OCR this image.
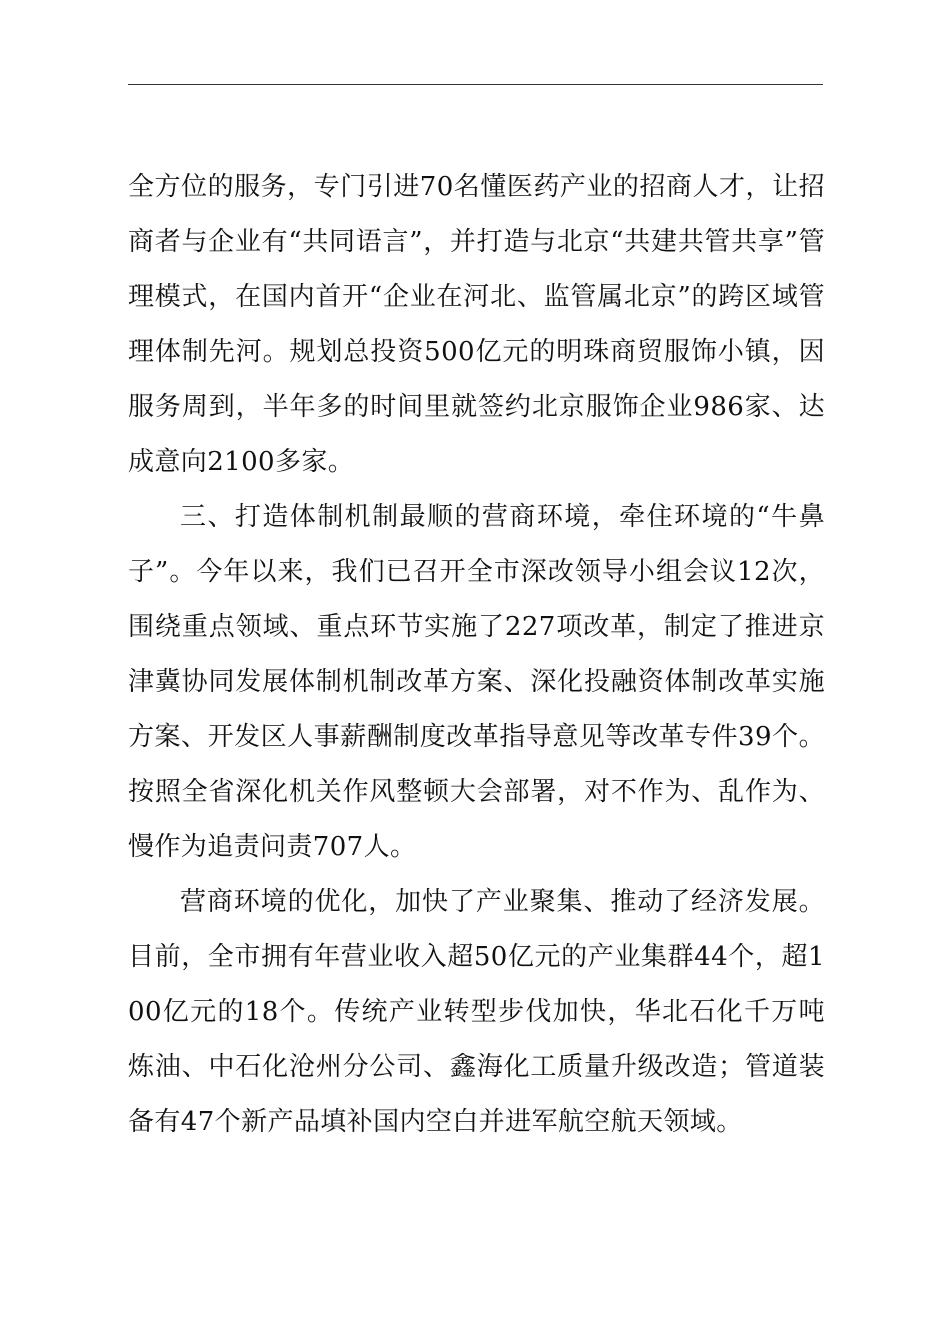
全方位的服务，专门引进70名懂医药产业的招商人才，让招商者与企业有“共同语言”，并打造与北京“共建共管共享”管理模式，在国内首开“企业在河北、监管属北京”的跨区域管理体制先河。规划总投资500亿元的明珠商贸服饰小镇，因服务周到，半年多的时间里就签约北京服饰企业986家、达成意向2100多家。

三、打造体制机制最顺的营商环境，牵住环境的“牛鼻子”。今年以来，我们已召开全市深改领导小组会议12次，围绕重点领域、重点环节实施了227项改革，制定了推进京津冀协同发展体制机制改革方案、深化投融资体制改革实施方案、开发区人事薪酬制度改革指导意见等改革专件39个。按照全省深化机关作风整顿大会部署，对不作为、乱作为、慢作为追责问责707人。

营商环境的优化，加快了产业聚集、推动了经济发展。目前，全市拥有年营业收入超50亿元的产业集群44个，超100亿元的18个。传统产业转型步伐加快，华北石化千万吨炼油、中石化沧州分公司、鑫海化工质量升级改造；管道装备有47个新产品填补国内空白并进军航空航天领域。
